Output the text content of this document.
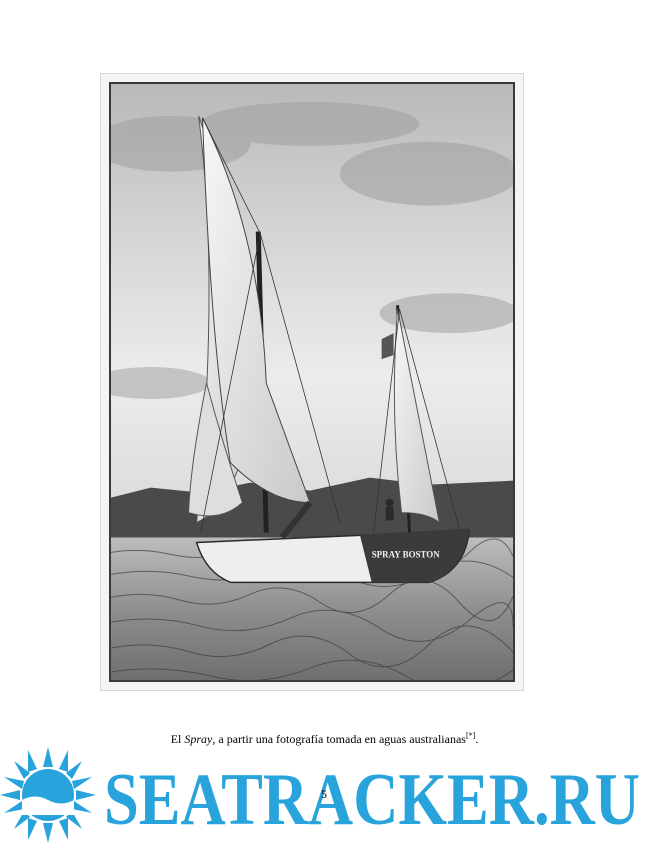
SPRAY BOSTON
El Spray, a partir una fotografía tomada en aguas australianas[*].
SEATRACKER.RU
5
